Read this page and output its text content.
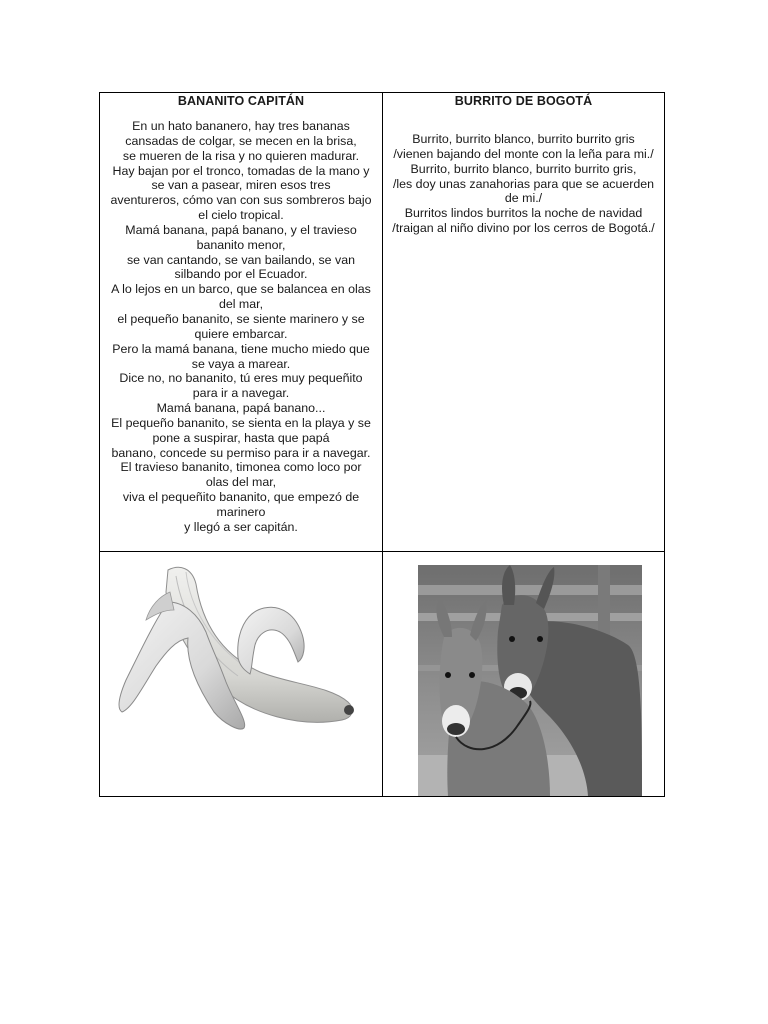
BANANITO CAPITÁN
En un hato bananero, hay tres bananas
cansadas de colgar, se mecen en la brisa,
se mueren de la risa y no quieren madurar.
Hay bajan por el tronco, tomadas de la mano y
se van a pasear, miren esos tres
aventureros, cómo van con sus sombreros bajo
el cielo tropical.
Mamá banana, papá banano, y el travieso
bananito menor,
se van cantando, se van bailando, se van
silbando por el Ecuador.
A lo lejos en un barco, que se balancea en olas
del mar,
el pequeño bananito, se siente marinero y se
quiere embarcar.
Pero la mamá banana, tiene mucho miedo que
se vaya a marear.
Dice no, no bananito, tú eres muy pequeñito
para ir a navegar.
Mamá banana, papá banano...
El pequeño bananito, se sienta en la playa y se
pone a suspirar, hasta que papá
banano, concede su permiso para ir a navegar.
El travieso bananito, timonea como loco por
olas del mar,
viva el pequeñito bananito, que empezó de
marinero
y llegó a ser capitán.
BURRITO DE BOGOTÁ
Burrito, burrito blanco, burrito burrito gris
/vienen bajando del monte con la leña para mi./
Burrito, burrito blanco, burrito burrito gris,
/les doy unas zanahorias para que se acuerden
de mi./
Burritos lindos burritos la noche de navidad
/traigan al niño divino por los cerros de Bogotá./
